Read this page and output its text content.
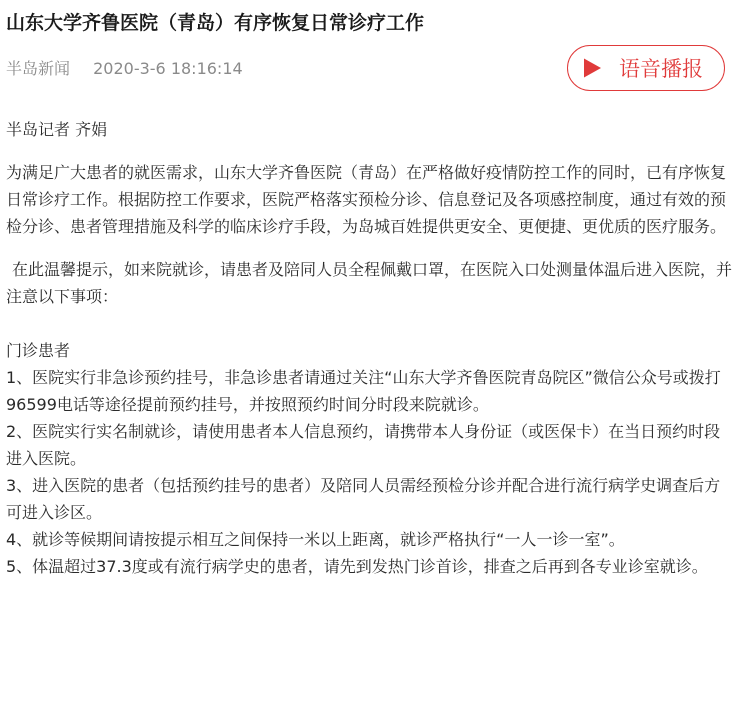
山东大学齐鲁医院（青岛）有序恢复日常诊疗工作
半岛新闻 2020-3-6 18:16:14	语音播报

半岛记者 齐娟

为满足广大患者的就医需求，山东大学齐鲁医院（青岛）在严格做好疫情防控工作的同时，已有序恢复日常诊疗工作。根据防控工作要求，医院严格落实预检分诊、信息登记及各项感控制度，通过有效的预检分诊、患者管理措施及科学的临床诊疗手段，为岛城百姓提供更安全、更便捷、更优质的医疗服务。

在此温馨提示，如来院就诊，请患者及陪同人员全程佩戴口罩，在医院入口处测量体温后进入医院，并注意以下事项：

门诊患者

1、医院实行非急诊预约挂号，非急诊患者请通过关注“山东大学齐鲁医院青岛院区”微信公众号或拨打96599电话等途径提前预约挂号，并按照预约时间分时段来院就诊。

2、医院实行实名制就诊，请使用患者本人信息预约，请携带本人身份证（或医保卡）在当日预约时段进入医院。

3、进入医院的患者（包括预约挂号的患者）及陪同人员需经预检分诊并配合进行流行病学史调查后方可进入诊区。

4、就诊等候期间请按提示相互之间保持一米以上距离，就诊严格执行“一人一诊一室”。

5、体温超过37.3度或有流行病学史的患者，请先到发热门诊首诊，排查之后再到各专业诊室就诊。
